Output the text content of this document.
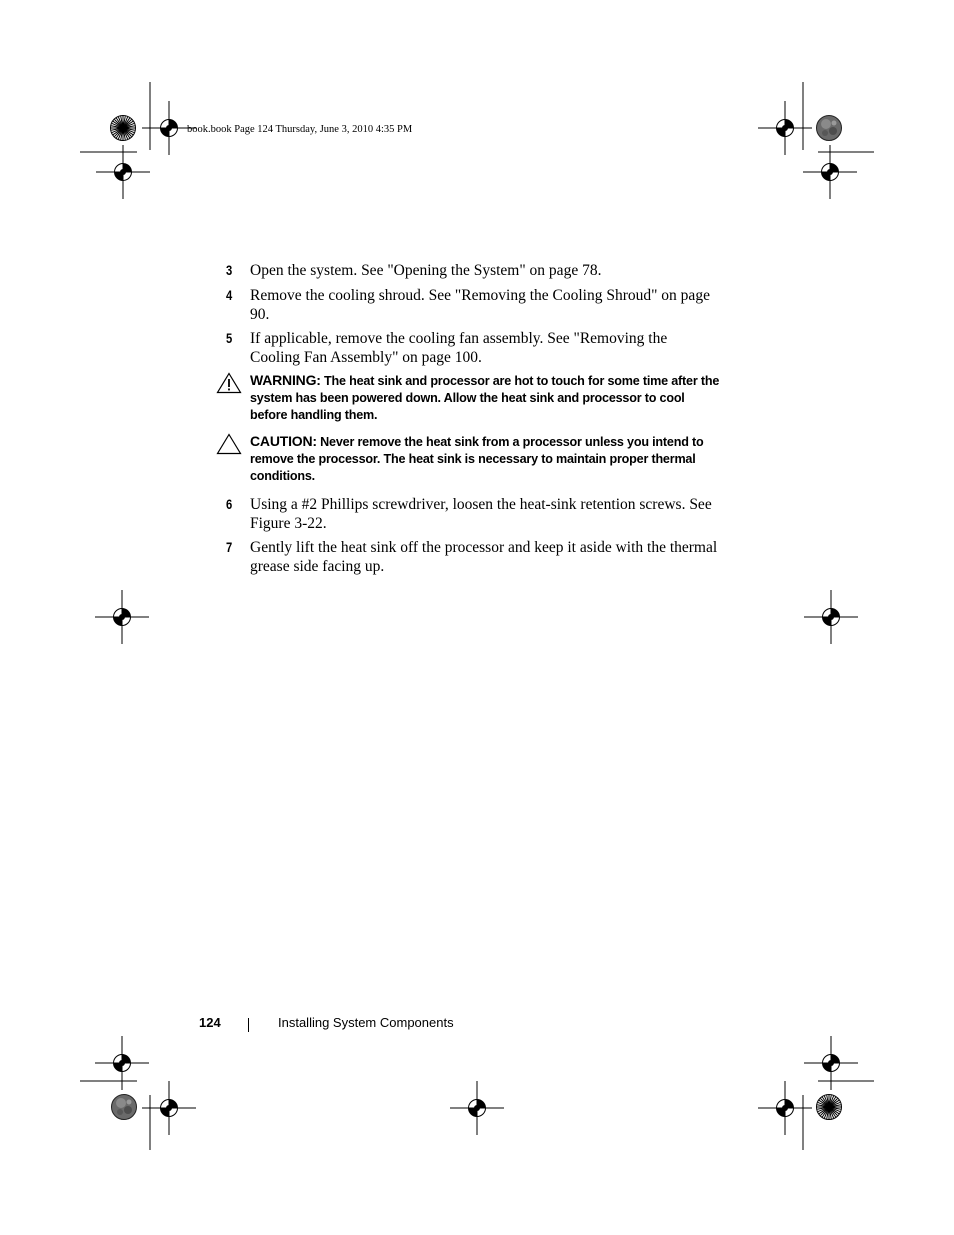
book.book Page 124 Thursday, June 3, 2010 4:35 PM
3 Open the system. See "Opening the System" on page 78.
4 Remove the cooling shroud. See "Removing the Cooling Shroud" on page 90.
5 If applicable, remove the cooling fan assembly. See "Removing the Cooling Fan Assembly" on page 100.
WARNING: The heat sink and processor are hot to touch for some time after the system has been powered down. Allow the heat sink and processor to cool before handling them.
CAUTION: Never remove the heat sink from a processor unless you intend to remove the processor. The heat sink is necessary to maintain proper thermal conditions.
6 Using a #2 Phillips screwdriver, loosen the heat-sink retention screws. See Figure 3-22.
7 Gently lift the heat sink off the processor and keep it aside with the thermal grease side facing up.
124	Installing System Components
